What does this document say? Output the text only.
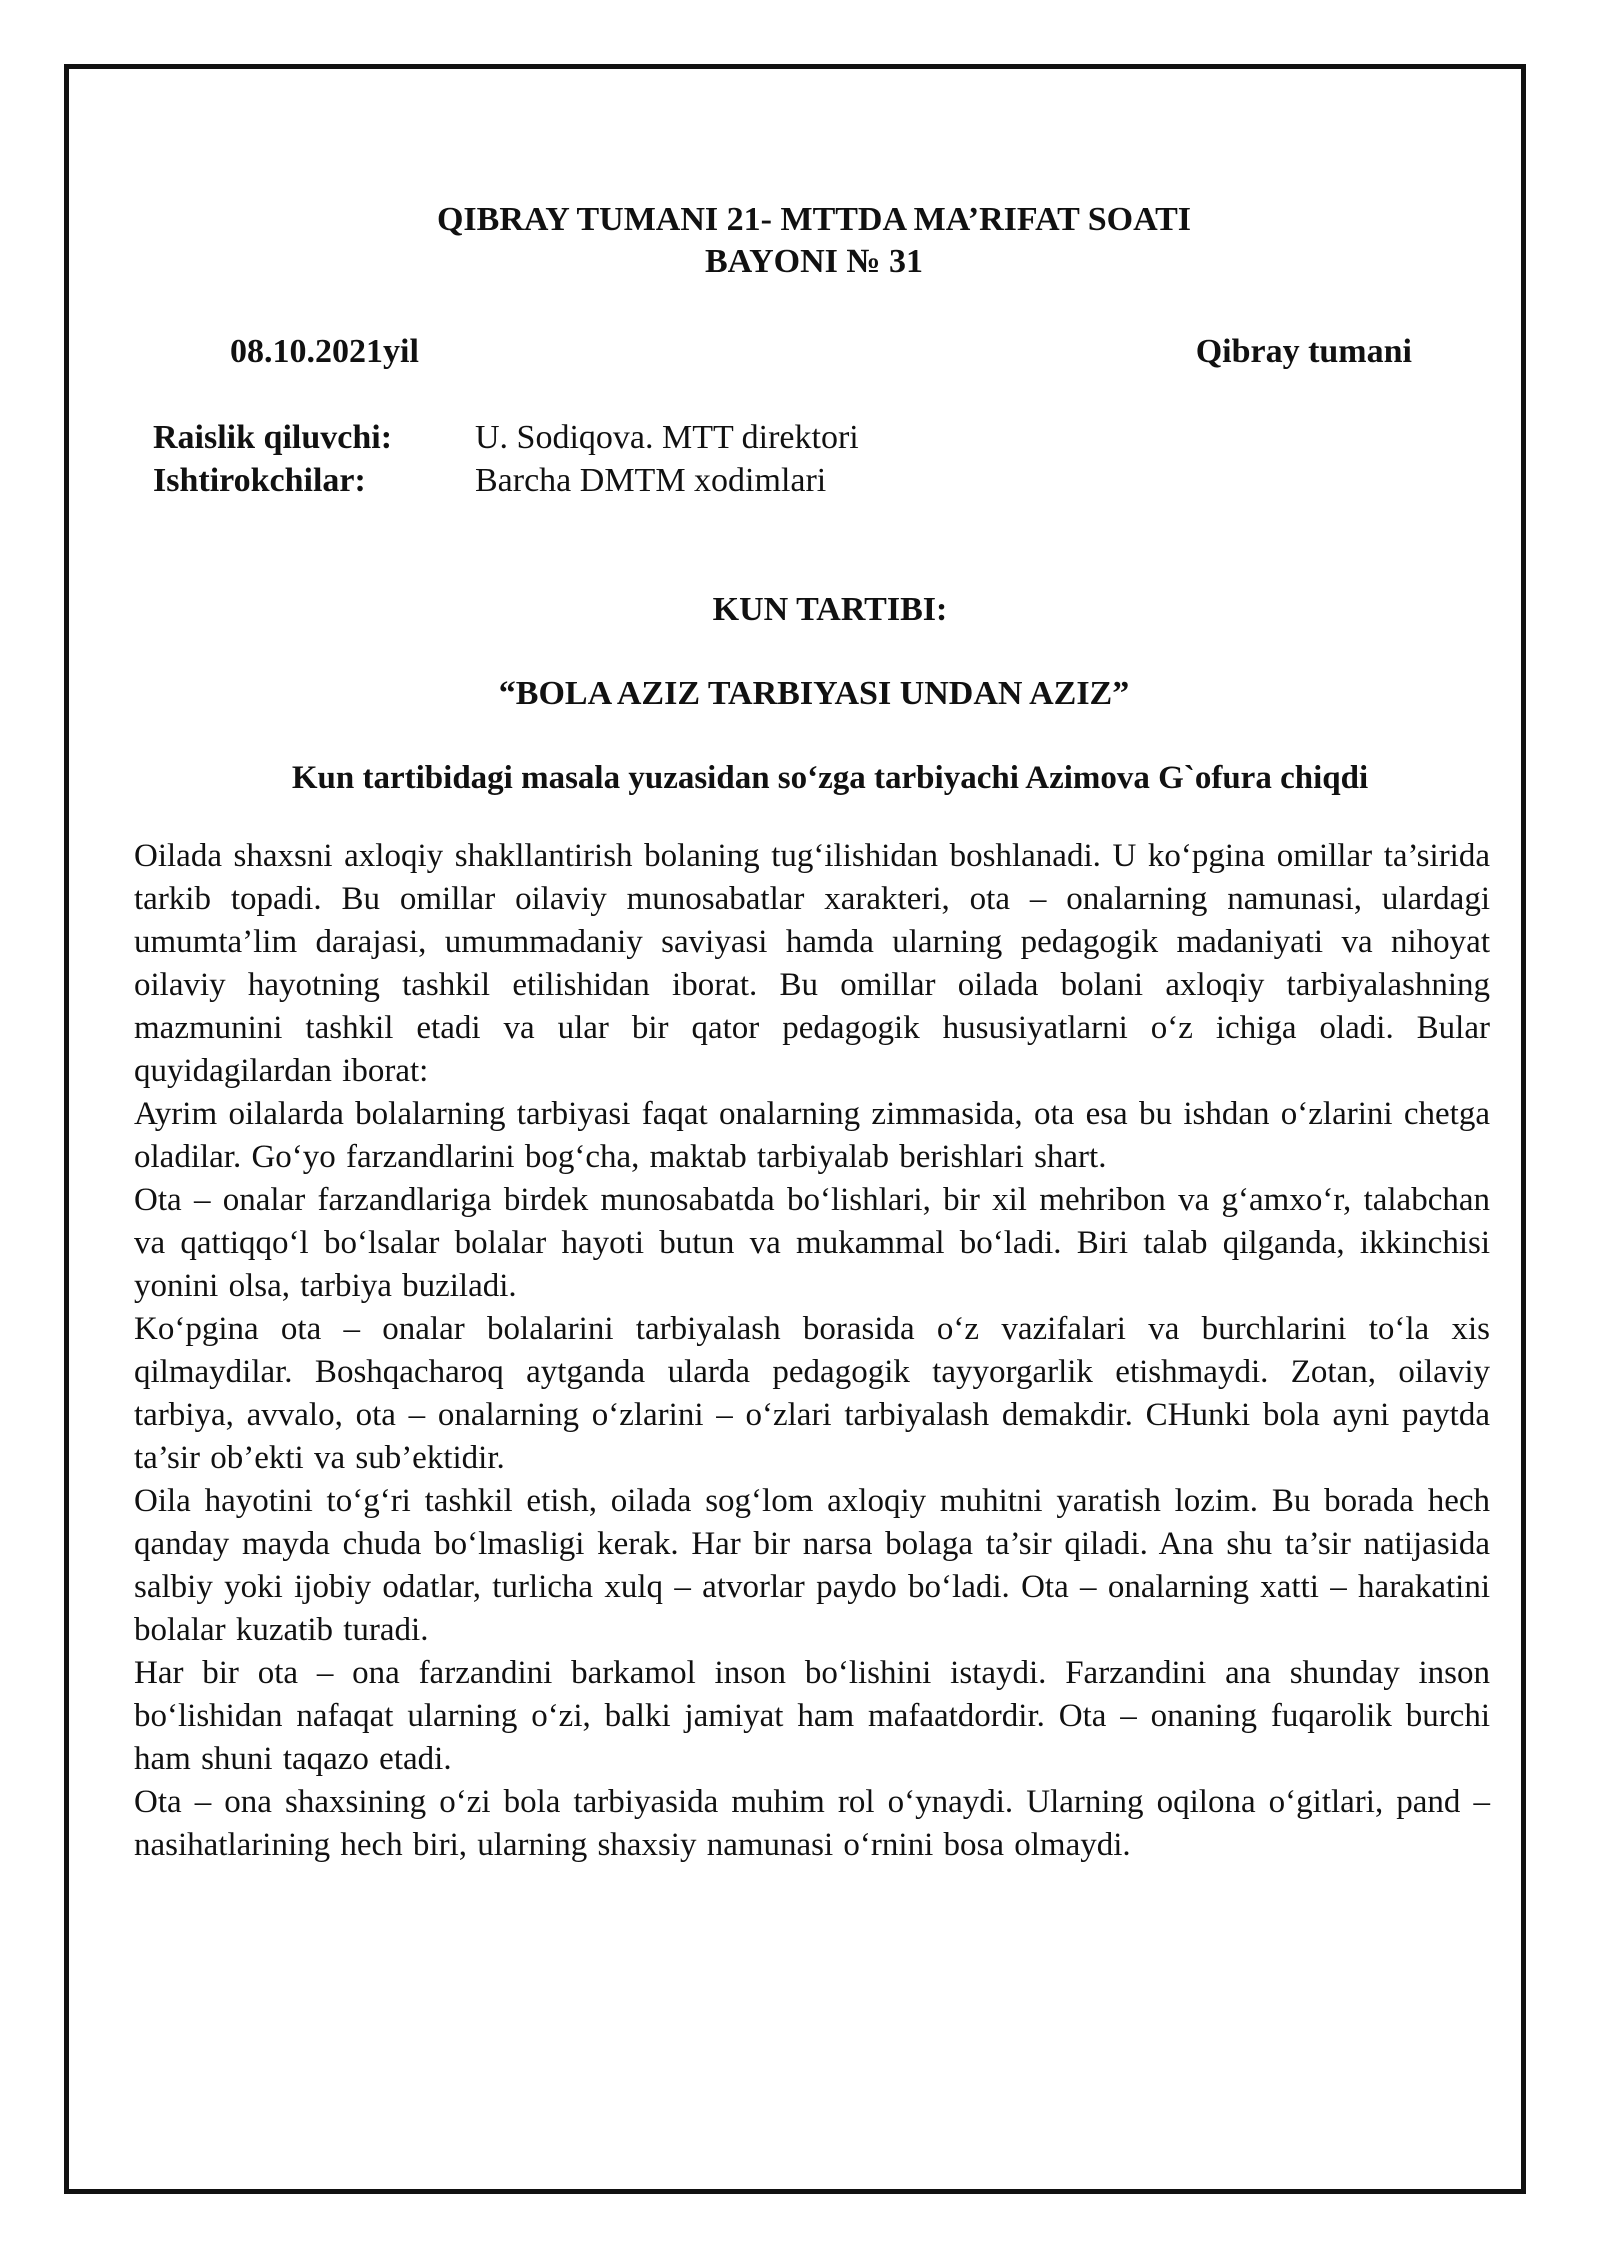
QIBRAY TUMANI 21- MTTDA MA’RIFAT SOATI
BAYONI № 31
08.10.2021yil	Qibray tumani
Raislik qiluvchi: U. Sodiqova. MTT direktori
Ishtirokchilar:	Barcha DMTM xodimlari
KUN TARTIBI:
“BOLA AZIZ TARBIYASI UNDAN AZIZ”
Kun tartibidagi masala yuzasidan so‘zga tarbiyachi Azimova G`ofura chiqdi

Oilada shaxsni axloqiy shakllantirish bolaning tug‘ilishidan boshlanadi. U ko‘pgina omillar ta’sirida tarkib topadi. Bu omillar oilaviy munosabatlar xarakteri, ota – onalarning namunasi, ulardagi umumta’lim darajasi, umummadaniy saviyasi hamda ularning pedagogik madaniyati va nihoyat oilaviy hayotning tashkil etilishidan iborat. Bu omillar oilada bolani axloqiy tarbiyalashning mazmunini tashkil etadi va ular bir qator pedagogik hususiyatlarni o‘z ichiga oladi. Bular quyidagilardan iborat:

Ayrim oilalarda bolalarning tarbiyasi faqat onalarning zimmasida, ota esa bu ishdan o‘zlarini chetga oladilar. Go‘yo farzandlarini bog‘cha, maktab tarbiyalab berishlari shart.

Ota – onalar farzandlariga birdek munosabatda bo‘lishlari, bir xil mehribon va g‘amxo‘r, talabchan va qattiqqo‘l bo‘lsalar bolalar hayoti butun va mukammal bo‘ladi. Biri talab qilganda, ikkinchisi yonini olsa, tarbiya buziladi.

Ko‘pgina ota – onalar bolalarini tarbiyalash borasida o‘z vazifalari va burchlarini to‘la xis qilmaydilar. Boshqacharoq aytganda ularda pedagogik tayyorgarlik etishmaydi. Zotan, oilaviy tarbiya, avvalo, ota – onalarning o‘zlarini – o‘zlari tarbiyalash demakdir. CHunki bola ayni paytda ta’sir ob’ekti va sub’ektidir.

Oila hayotini to‘g‘ri tashkil etish, oilada sog‘lom axloqiy muhitni yaratish lozim. Bu borada hech qanday mayda chuda bo‘lmasligi kerak. Har bir narsa bolaga ta’sir qiladi. Ana shu ta’sir natijasida salbiy yoki ijobiy odatlar, turlicha xulq – atvorlar paydo bo‘ladi. Ota – onalarning xatti – harakatini bolalar kuzatib turadi.

Har bir ota – ona farzandini barkamol inson bo‘lishini istaydi. Farzandini ana shunday inson bo‘lishidan nafaqat ularning o‘zi, balki jamiyat ham mafaatdordir. Ota – onaning fuqarolik burchi ham shuni taqazo etadi.

Ota – ona shaxsining o‘zi bola tarbiyasida muhim rol o‘ynaydi. Ularning oqilona o‘gitlari, pand – nasihatlarining hech biri, ularning shaxsiy namunasi o‘rnini bosa olmaydi.
